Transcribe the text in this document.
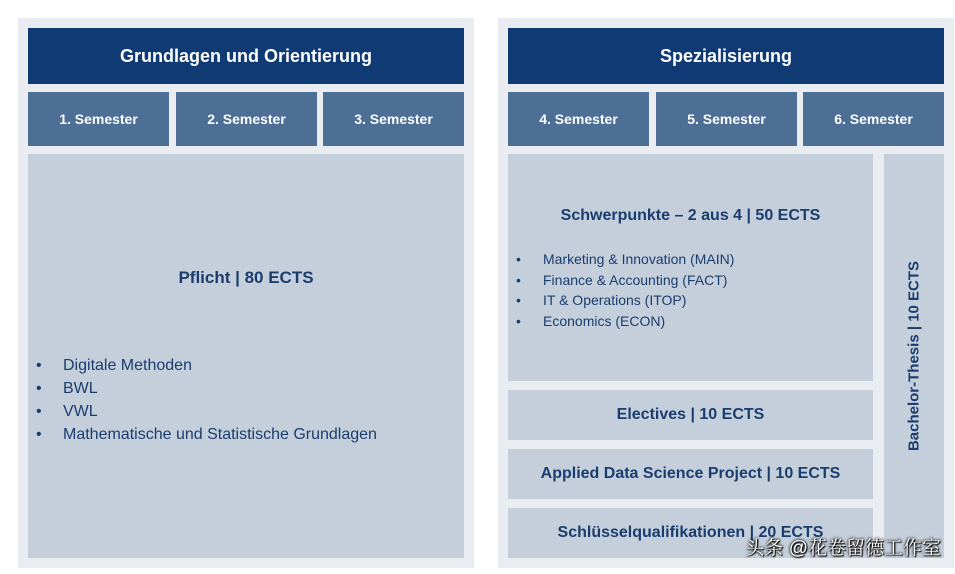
Grundlagen und Orientierung
1. Semester	2. Semester	3. Semester
Pflicht | 80 ECTS
• Digitale Methoden
• BWL
• VWL
• Mathematische und Statistische Grundlagen
Spezialisierung
4. Semester	5. Semester	6. Semester
Schwerpunkte – 2 aus 4 | 50 ECTS
• Marketing & Innovation (MAIN)
• Finance & Accounting (FACT)
• IT & Operations (ITOP)
• Economics (ECON)
Electives | 10 ECTS
Applied Data Science Project | 10 ECTS
Schlüsselqualifikationen | 20 ECTS
Bachelor-Thesis | 10 ECTS
头条 @花卷留德工作室
